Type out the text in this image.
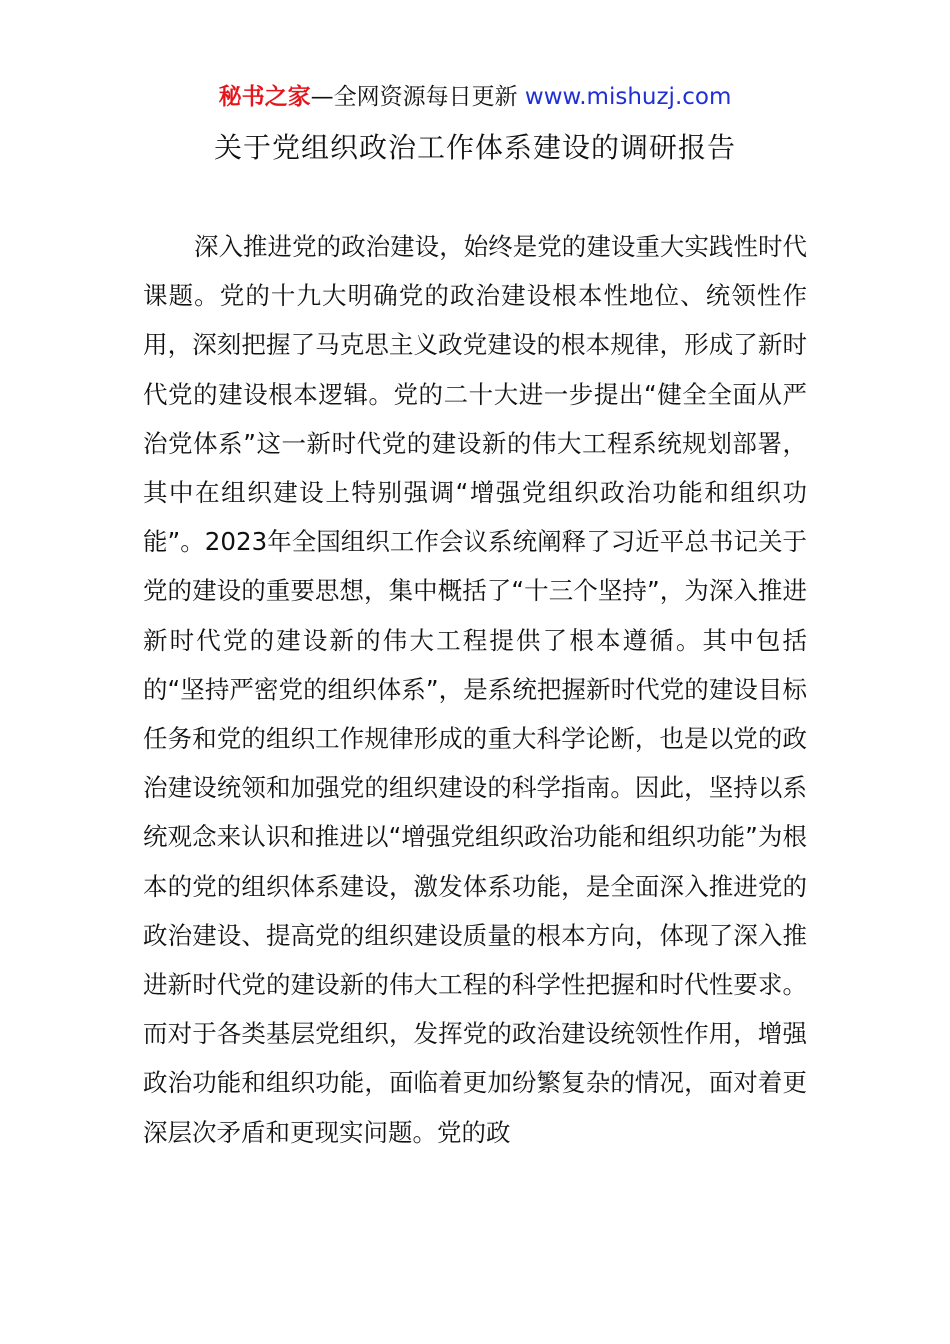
秘书之家—全网资源每日更新 www.mishuzj.com
关于党组织政治工作体系建设的调研报告

深入推进党的政治建设，始终是党的建设重大实践性时代课题。党的十九大明确党的政治建设根本性地位、统领性作用，深刻把握了马克思主义政党建设的根本规律，形成了新时代党的建设根本逻辑。党的二十大进一步提出“健全全面从严治党体系”这一新时代党的建设新的伟大工程系统规划部署，其中在组织建设上特别强调“增强党组织政治功能和组织功能”。2023年全国组织工作会议系统阐释了习近平总书记关于党的建设的重要思想，集中概括了“十三个坚持”，为深入推进新时代党的建设新的伟大工程提供了根本遵循。其中包括的“坚持严密党的组织体系”，是系统把握新时代党的建设目标任务和党的组织工作规律形成的重大科学论断，也是以党的政治建设统领和加强党的组织建设的科学指南。因此，坚持以系统观念来认识和推进以“增强党组织政治功能和组织功能”为根本的党的组织体系建设，激发体系功能，是全面深入推进党的政治建设、提高党的组织建设质量的根本方向，体现了深入推进新时代党的建设新的伟大工程的科学性把握和时代性要求。而对于各类基层党组织，发挥党的政治建设统领性作用，增强政治功能和组织功能，面临着更加纷繁复杂的情况，面对着更深层次矛盾和更现实问题。党的政
